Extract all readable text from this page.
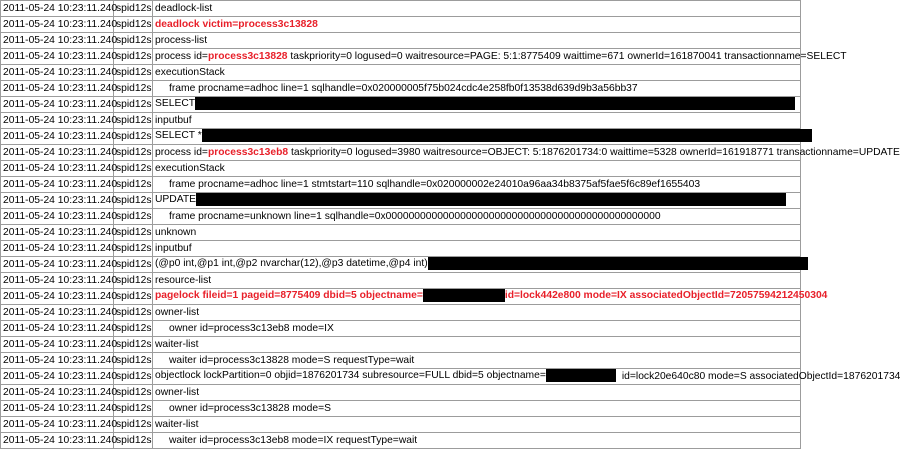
2011-05-24 10:23:11.240	spid12s	deadlock-list
2011-05-24 10:23:11.240	spid12s	deadlock victim=process3c13828
2011-05-24 10:23:11.240	spid12s	process-list
2011-05-24 10:23:11.240	spid12s	process id=process3c13828 taskpriority=0 logused=0 waitresource=PAGE: 5:1:8775409 waittime=671 ownerId=161870041 transactionname=SELECT
2011-05-24 10:23:11.240	spid12s	executionStack
2011-05-24 10:23:11.240	spid12s	frame procname=adhoc line=1 sqlhandle=0x020000005f75b024cdc4e258fb0f13538d639d9b3a56bb37
2011-05-24 10:23:11.240	spid12s	SELECT
2011-05-24 10:23:11.240	spid12s	inputbuf
2011-05-24 10:23:11.240	spid12s	SELECT *
2011-05-24 10:23:11.240	spid12s	process id=process3c13eb8 taskpriority=0 logused=3980 waitresource=OBJECT: 5:1876201734:0 waittime=5328 ownerId=161918771 transactionname=UPDATE
2011-05-24 10:23:11.240	spid12s	executionStack
2011-05-24 10:23:11.240	spid12s	frame procname=adhoc line=1 stmtstart=110 sqlhandle=0x020000002e24010a96aa34b8375af5fae5f6c89ef1655403
2011-05-24 10:23:11.240	spid12s	UPDATE
2011-05-24 10:23:11.240	spid12s	frame procname=unknown line=1 sqlhandle=0x000000000000000000000000000000000000000000000000
2011-05-24 10:23:11.240	spid12s	unknown
2011-05-24 10:23:11.240	spid12s	inputbuf
2011-05-24 10:23:11.240	spid12s	(@p0 int,@p1 int,@p2 nvarchar(12),@p3 datetime,@p4 int)
2011-05-24 10:23:11.240	spid12s	resource-list
2011-05-24 10:23:11.240	spid12s	pagelock fileid=1 pageid=8775409 dbid=5 objectname= id=lock442e800 mode=IX associatedObjectId=72057594212450304
2011-05-24 10:23:11.240	spid12s	owner-list
2011-05-24 10:23:11.240	spid12s	owner id=process3c13eb8 mode=IX
2011-05-24 10:23:11.240	spid12s	waiter-list
2011-05-24 10:23:11.240	spid12s	waiter id=process3c13828 mode=S requestType=wait
2011-05-24 10:23:11.240	spid12s	objectlock lockPartition=0 objid=1876201734 subresource=FULL dbid=5 objectname= id=lock20e640c80 mode=S associatedObjectId=1876201734
2011-05-24 10:23:11.240	spid12s	owner-list
2011-05-24 10:23:11.240	spid12s	owner id=process3c13828 mode=S
2011-05-24 10:23:11.240	spid12s	waiter-list
2011-05-24 10:23:11.240	spid12s	waiter id=process3c13eb8 mode=IX requestType=wait
